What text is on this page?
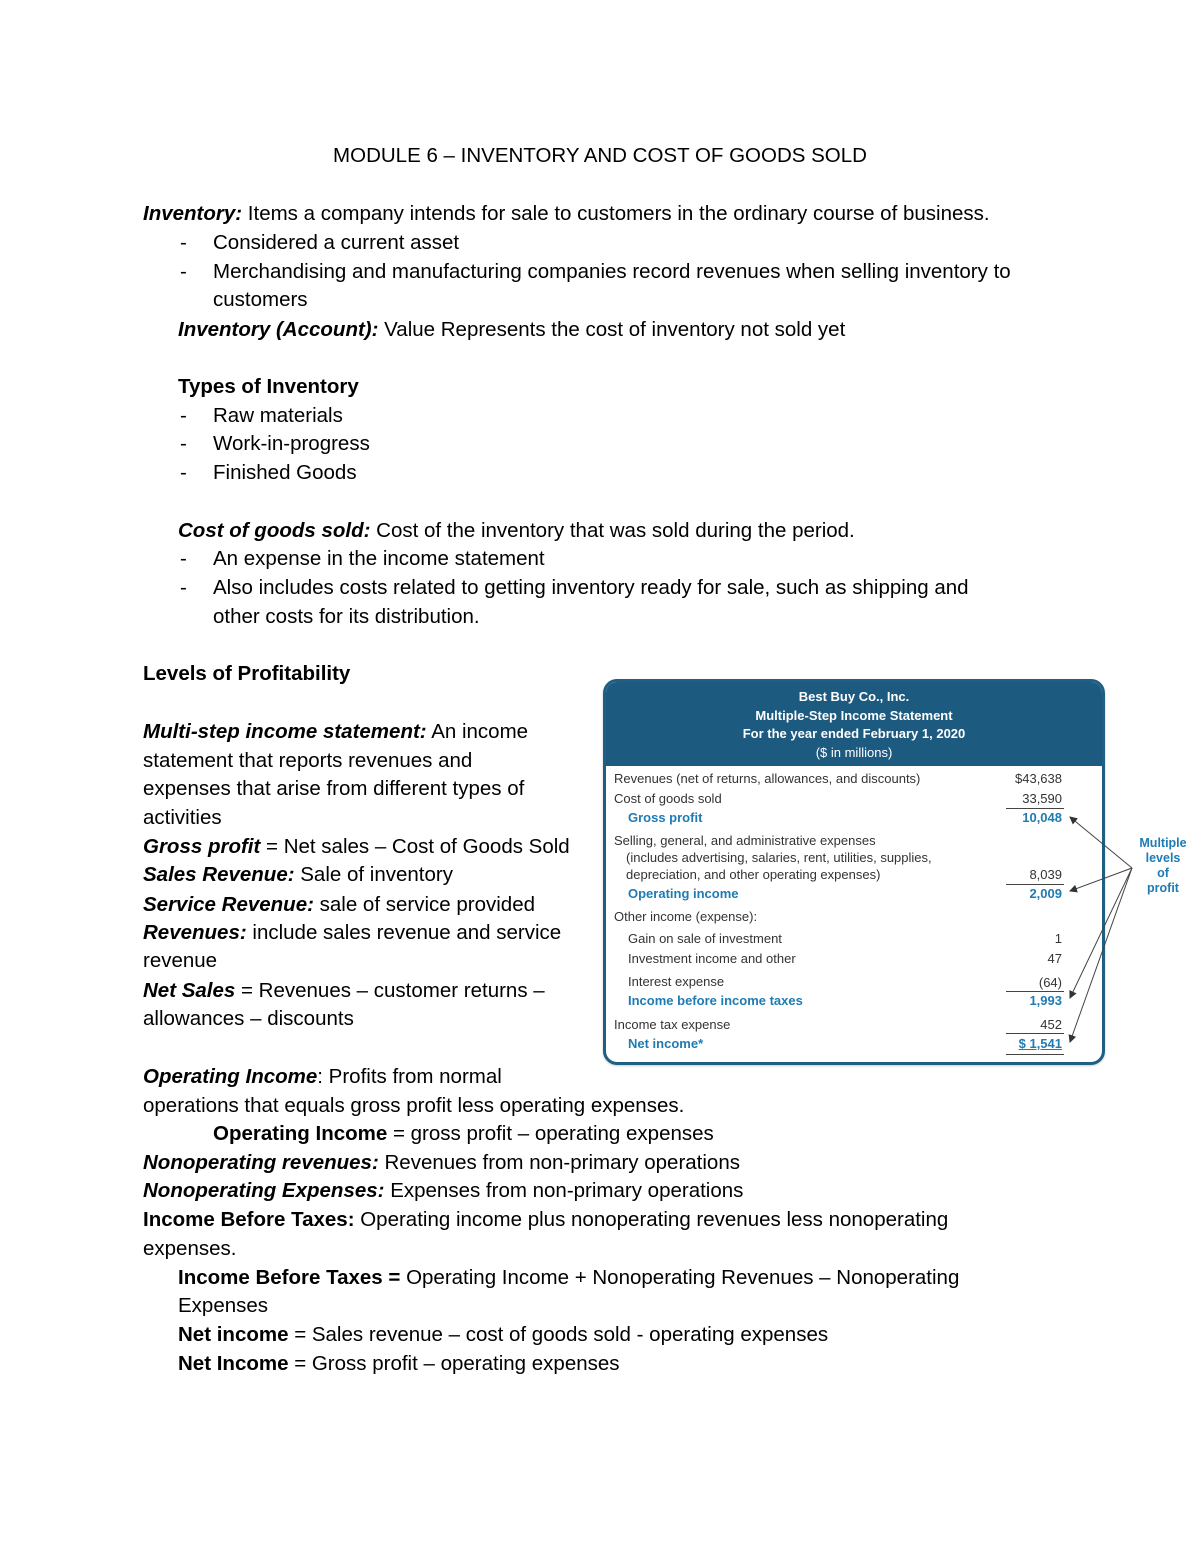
MODULE 6 – INVENTORY AND COST OF GOODS SOLD
Inventory: Items a company intends for sale to customers in the ordinary course of business.
- Considered a current asset
- Merchandising and manufacturing companies record revenues when selling inventory to
customers
Inventory (Account): Value Represents the cost of inventory not sold yet
Types of Inventory
- Raw materials
- Work-in-progress
- Finished Goods
Cost of goods sold: Cost of the inventory that was sold during the period.
- An expense in the income statement
- Also includes costs related to getting inventory ready for sale, such as shipping and
other costs for its distribution.
Levels of Profitability
Multi-step income statement: An income
statement that reports revenues and
expenses that arise from different types of
activities
Gross profit = Net sales – Cost of Goods Sold
Sales Revenue: Sale of inventory
Service Revenue: sale of service provided
Revenues: include sales revenue and service
revenue
Net Sales = Revenues – customer returns –
allowances – discounts
Operating Income: Profits from normal
operations that equals gross profit less operating expenses.
Operating Income = gross profit – operating expenses
Nonoperating revenues: Revenues from non-primary operations
Nonoperating Expenses: Expenses from non-primary operations
Income Before Taxes: Operating income plus nonoperating revenues less nonoperating
expenses.
Income Before Taxes = Operating Income + Nonoperating Revenues – Nonoperating
Expenses
Net income = Sales revenue – cost of goods sold - operating expenses
Net Income = Gross profit – operating expenses
Best Buy Co., Inc.
Multiple-Step Income Statement
For the year ended February 1, 2020
($ in millions)
Revenues (net of returns, allowances, and discounts)	$43,638
Cost of goods sold	33,590
Gross profit	10,048
Selling, general, and administrative expenses
(includes advertising, salaries, rent, utilities, supplies,
depreciation, and other operating expenses)	8,039
Operating income	2,009
Other income (expense):
Gain on sale of investment	1
Investment income and other	47
Interest expense	(64)
Income before income taxes	1,993
Income tax expense	452
Net income*	$ 1,541
Multiple
levels
of
profit
